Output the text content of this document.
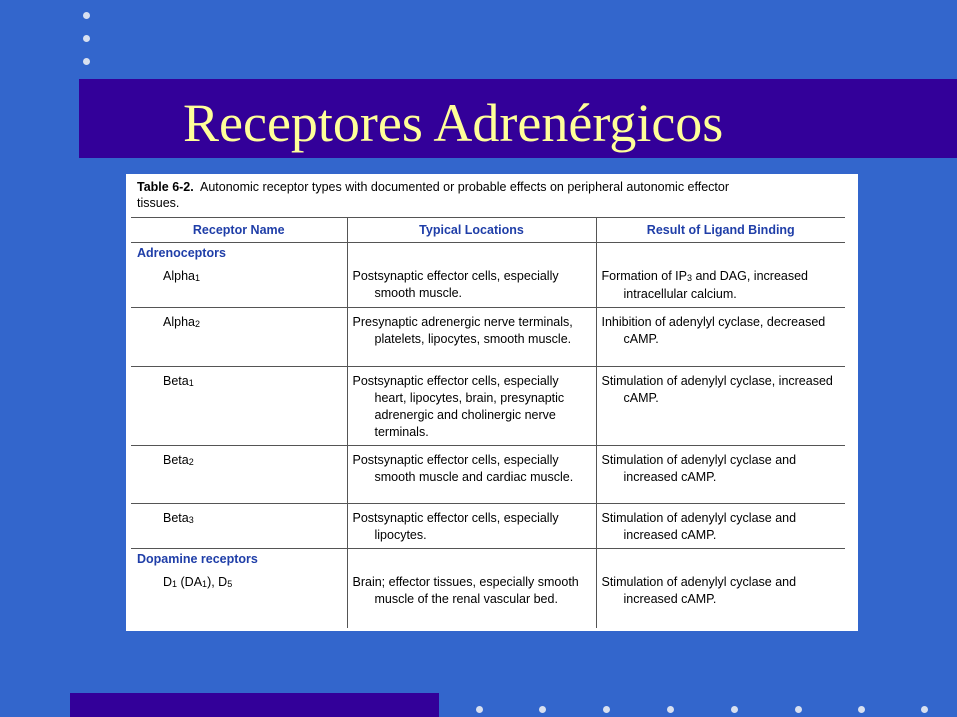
Receptores Adrenérgicos
Table 6-2. Autonomic receptor types with documented or probable effects on peripheral autonomic effector tissues.
Receptor Name	Typical Locations	Result of Ligand Binding
Adrenoceptors		
Alpha$_1$	Postsynaptic effector cells, especially smooth muscle.	Formation of $IP_3$ and DAG, increased intracellular calcium.
Alpha$_2$	Presynaptic adrenergic nerve terminals, platelets, lipocytes, smooth muscle.	Inhibition of adenylyl cyclase, decreased cAMP.
Beta$_1$	Postsynaptic effector cells, especially heart, lipocytes, brain, presynaptic adrenergic and cholinergic nerve terminals.	Stimulation of adenylyl cyclase, increased cAMP.
Beta$_2$	Postsynaptic effector cells, especially smooth muscle and cardiac muscle.	Stimulation of adenylyl cyclase and increased cAMP.
Beta$_3$	Postsynaptic effector cells, especially lipocytes.	Stimulation of adenylyl cyclase and increased cAMP.
Dopamine receptors		
$D_1$ $(DA_1)$, $D_5$	Brain; effector tissues, especially smooth muscle of the renal vascular bed.	Stimulation of adenylyl cyclase and increased cAMP.
